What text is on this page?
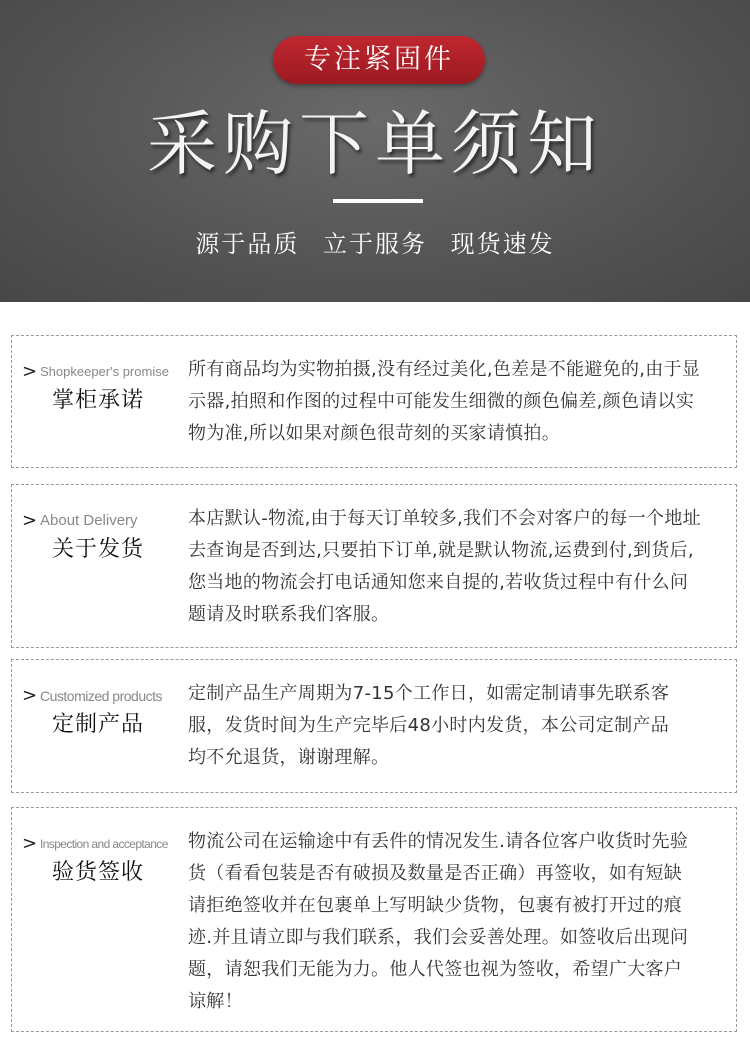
专注紧固件
采购下单须知
源于品质 立于服务 现货速发
> Shopkeeper's promise
掌柜承诺
所有商品均为实物拍摄,没有经过美化,色差是不能避免的,由于显
示器,拍照和作图的过程中可能发生细微的颜色偏差,颜色请以实
物为准,所以如果对颜色很苛刻的买家请慎拍。
> About Delivery
关于发货
本店默认-物流,由于每天订单较多,我们不会对客户的每一个地址
去查询是否到达,只要拍下订单,就是默认物流,运费到付,到货后,
您当地的物流会打电话通知您来自提的,若收货过程中有什么问
题请及时联系我们客服。
> Customized products
定制产品
定制产品生产周期为7-15个工作日，如需定制请事先联系客
服，发货时间为生产完毕后48小时内发货，本公司定制产品
均不允退货，谢谢理解。
> Inspection and acceptance
验货签收
物流公司在运输途中有丢件的情况发生.请各位客户收货时先验
货（看看包装是否有破损及数量是否正确）再签收，如有短缺
请拒绝签收并在包裹单上写明缺少货物，包裹有被打开过的痕
迹.并且请立即与我们联系，我们会妥善处理。如签收后出现问
题，请恕我们无能为力。他人代签也视为签收，希望广大客户
谅解！
